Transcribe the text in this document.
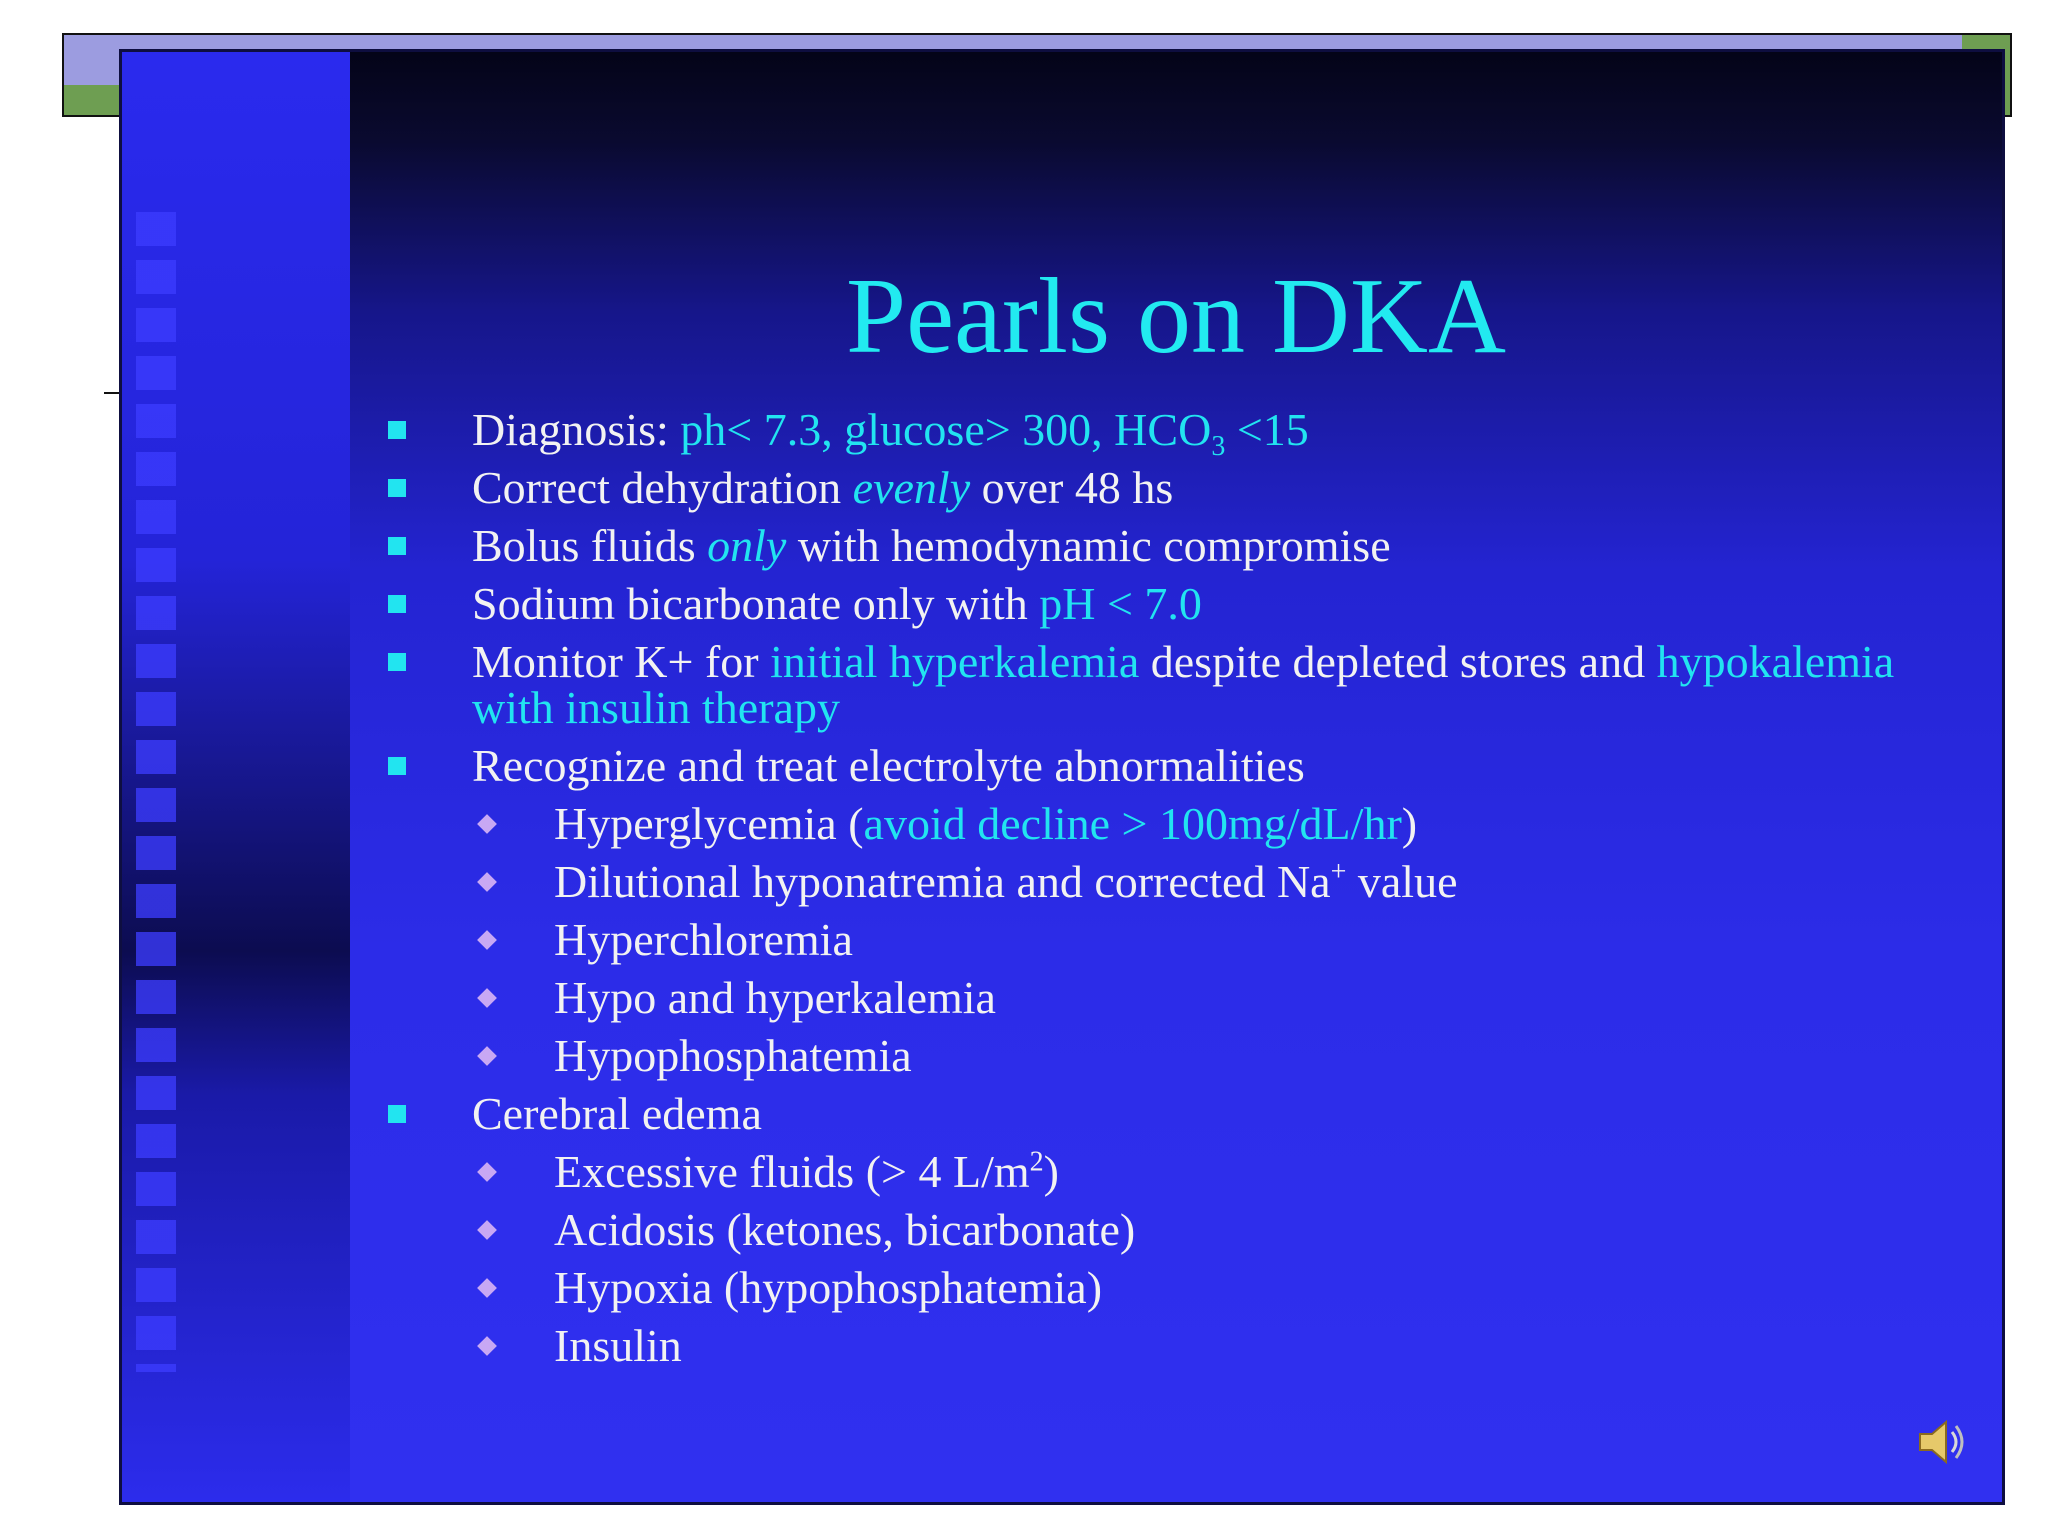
Pearls on DKA
Diagnosis: ph< 7.3, glucose> 300, $HCO_3 <15$
Correct dehydration evenly over 48 hs
Bolus fluids only with hemodynamic compromise
Sodium bicarbonate only with pH < 7.0
Monitor K+ for initial hyperkalemia despite depleted stores and hypokalemia with insulin therapy
Recognize and treat electrolyte abnormalities
Hyperglycemia (avoid decline > 100mg/dL/hr)
Dilutional hyponatremia and corrected Na+ value
Hyperchloremia
Hypo and hyperkalemia
Hypophosphatemia
Cerebral edema
Excessive fluids (> 4 $L/m^2$)
Acidosis (ketones, bicarbonate)
Hypoxia (hypophosphatemia)
Insulin
